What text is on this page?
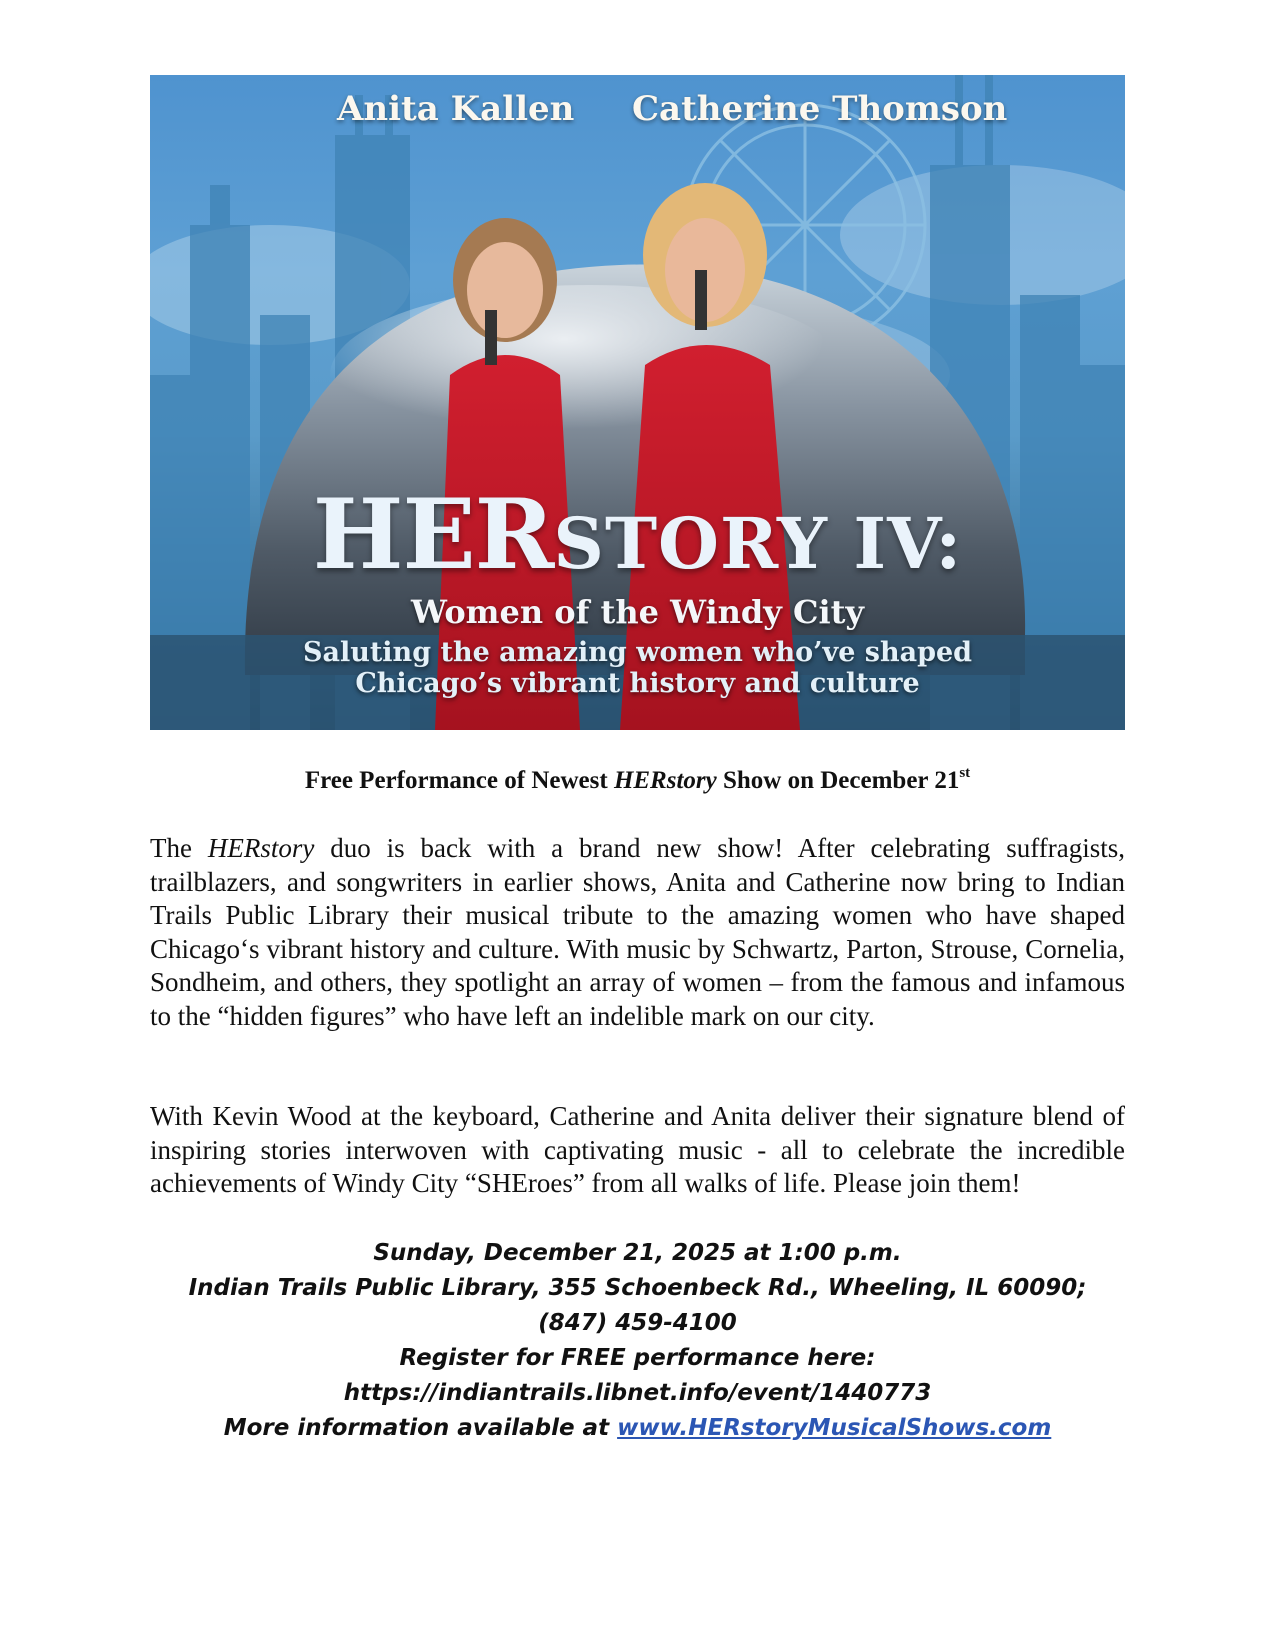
Anita Kallen Catherine Thomson
HERSTORY IV:
Women of the Windy City
Saluting the amazing women who’ve shaped
Chicago’s vibrant history and culture
Free Performance of Newest HERstory Show on December 21st

The HERstory duo is back with a brand new show! After celebrating suffragists, trailblazers, and songwriters in earlier shows, Anita and Catherine now bring to Indian Trails Public Library their musical tribute to the amazing women who have shaped Chicago‘s vibrant history and culture. With music by Schwartz, Parton, Strouse, Cornelia, Sondheim, and others, they spotlight an array of women – from the famous and infamous to the “hidden figures” who have left an indelible mark on our city.

With Kevin Wood at the keyboard, Catherine and Anita deliver their signature blend of inspiring stories interwoven with captivating music - all to celebrate the incredible achievements of Windy City “SHEroes” from all walks of life. Please join them!

Sunday, December 21, 2025 at 1:00 p.m.
Indian Trails Public Library, 355 Schoenbeck Rd., Wheeling, IL 60090;
(847) 459-4100
Register for FREE performance here:
https://indiantrails.libnet.info/event/1440773
More information available at www.HERstoryMusicalShows.com
